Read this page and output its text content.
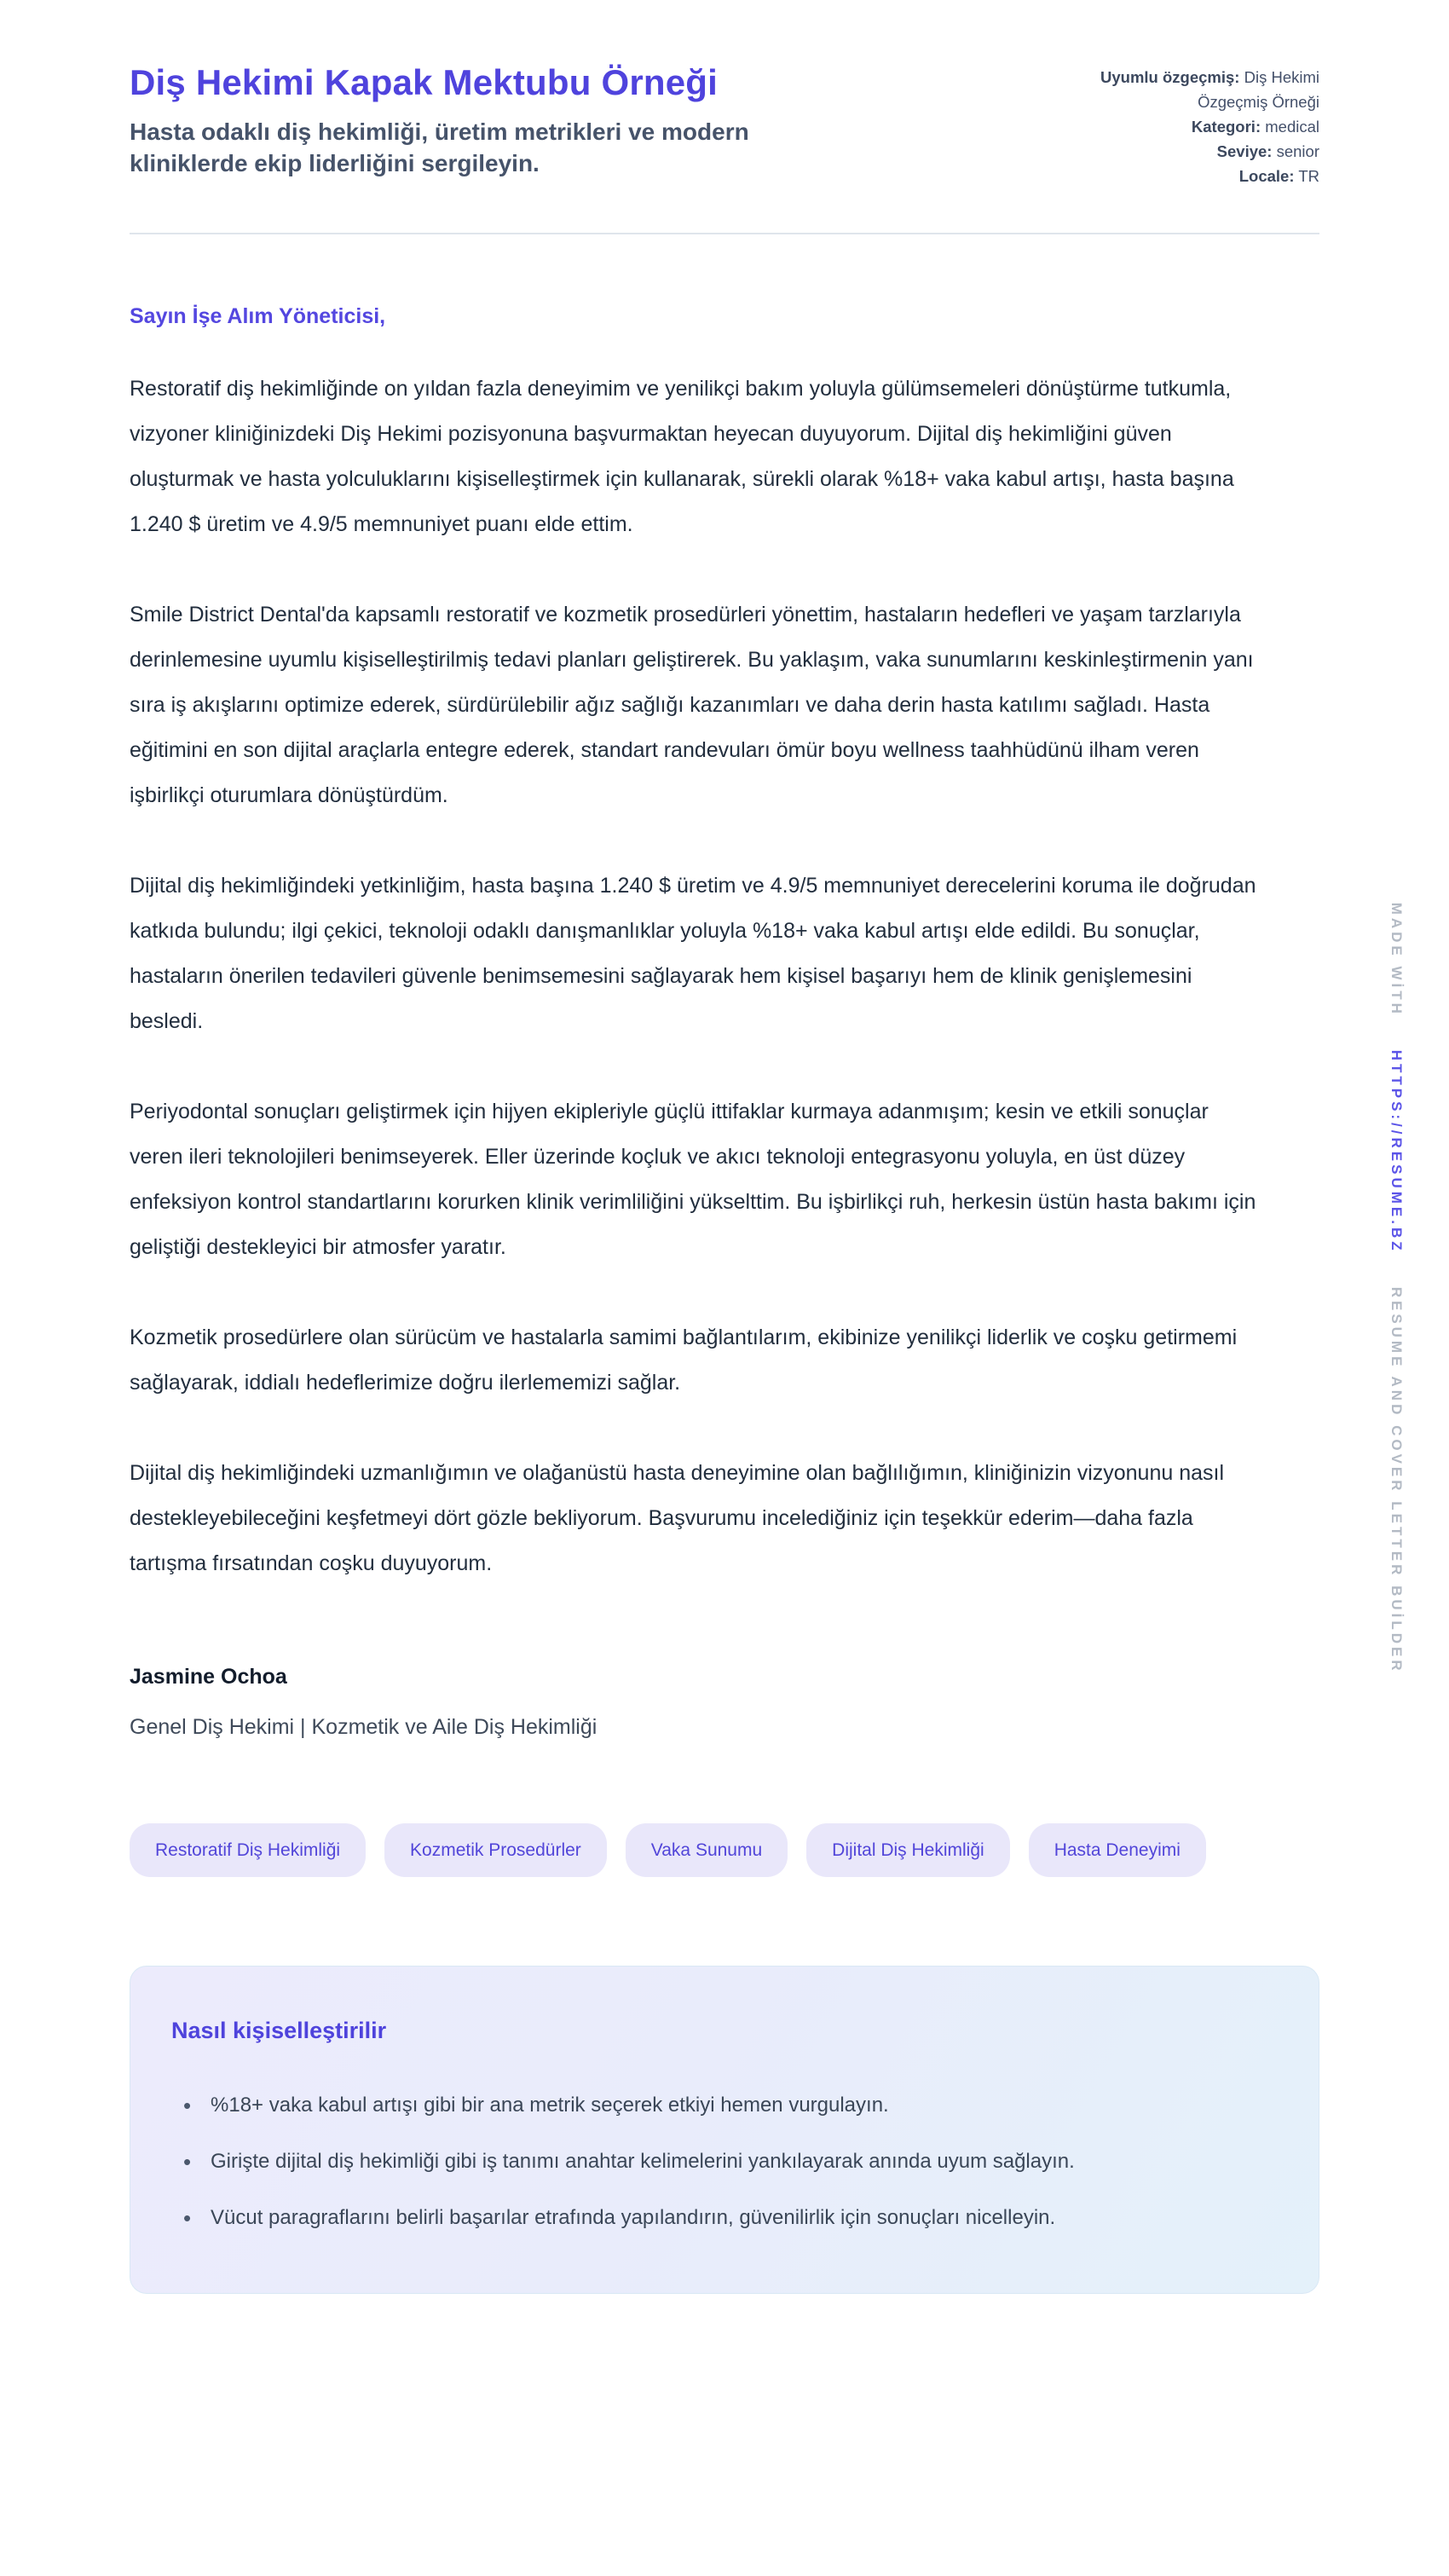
Diş Hekimi Kapak Mektubu Örneği
Hasta odaklı diş hekimliği, üretim metrikleri ve modern kliniklerde ekip liderliğini sergileyin.
Uyumlu özgeçmiş: Diş Hekimi Özgeçmiş Örneği
Kategori: medical
Seviye: senior
Locale: TR
Sayın İşe Alım Yöneticisi,

Restoratif diş hekimliğinde on yıldan fazla deneyimim ve yenilikçi bakım yoluyla gülümsemeleri dönüştürme tutkumla, vizyoner kliniğinizdeki Diş Hekimi pozisyonuna başvurmaktan heyecan duyuyorum. Dijital diş hekimliğini güven oluşturmak ve hasta yolculuklarını kişiselleştirmek için kullanarak, sürekli olarak %18+ vaka kabul artışı, hasta başına 1.240 $ üretim ve 4.9/5 memnuniyet puanı elde ettim.

Smile District Dental'da kapsamlı restoratif ve kozmetik prosedürleri yönettim, hastaların hedefleri ve yaşam tarzlarıyla derinlemesine uyumlu kişiselleştirilmiş tedavi planları geliştirerek. Bu yaklaşım, vaka sunumlarını keskinleştirmenin yanı sıra iş akışlarını optimize ederek, sürdürülebilir ağız sağlığı kazanımları ve daha derin hasta katılımı sağladı. Hasta eğitimini en son dijital araçlarla entegre ederek, standart randevuları ömür boyu wellness taahhüdünü ilham veren işbirlikçi oturumlara dönüştürdüm.

Dijital diş hekimliğindeki yetkinliğim, hasta başına 1.240 $ üretim ve 4.9/5 memnuniyet derecelerini koruma ile doğrudan katkıda bulundu; ilgi çekici, teknoloji odaklı danışmanlıklar yoluyla %18+ vaka kabul artışı elde edildi. Bu sonuçlar, hastaların önerilen tedavileri güvenle benimsemesini sağlayarak hem kişisel başarıyı hem de klinik genişlemesini besledi.

Periyodontal sonuçları geliştirmek için hijyen ekipleriyle güçlü ittifaklar kurmaya adanmışım; kesin ve etkili sonuçlar veren ileri teknolojileri benimseyerek. Eller üzerinde koçluk ve akıcı teknoloji entegrasyonu yoluyla, en üst düzey enfeksiyon kontrol standartlarını korurken klinik verimliliğini yükselttim. Bu işbirlikçi ruh, herkesin üstün hasta bakımı için geliştiği destekleyici bir atmosfer yaratır.

Kozmetik prosedürlere olan sürücüm ve hastalarla samimi bağlantılarım, ekibinize yenilikçi liderlik ve coşku getirmemi sağlayarak, iddialı hedeflerimize doğru ilerlememizi sağlar.

Dijital diş hekimliğindeki uzmanlığımın ve olağanüstü hasta deneyimine olan bağlılığımın, kliniğinizin vizyonunu nasıl destekleyebileceğini keşfetmeyi dört gözle bekliyorum. Başvurumu incelediğiniz için teşekkür ederim—daha fazla tartışma fırsatından coşku duyuyorum.

Jasmine Ochoa
Genel Diş Hekimi | Kozmetik ve Aile Diş Hekimliği
Restoratif Diş Hekimliği	Kozmetik Prosedürler	Vaka Sunumu	Dijital Diş Hekimliği	Hasta Deneyimi
Nasıl kişiselleştirilir
• %18+ vaka kabul artışı gibi bir ana metrik seçerek etkiyi hemen vurgulayın.
• Girişte dijital diş hekimliği gibi iş tanımı anahtar kelimelerini yankılayarak anında uyum sağlayın.
• Vücut paragraflarını belirli başarılar etrafında yapılandırın, güvenilirlik için sonuçları nicelleyin.
MADE WİTH HTTPS://RESUME.BZ RESUME AND COVER LETTER BUİLDER
